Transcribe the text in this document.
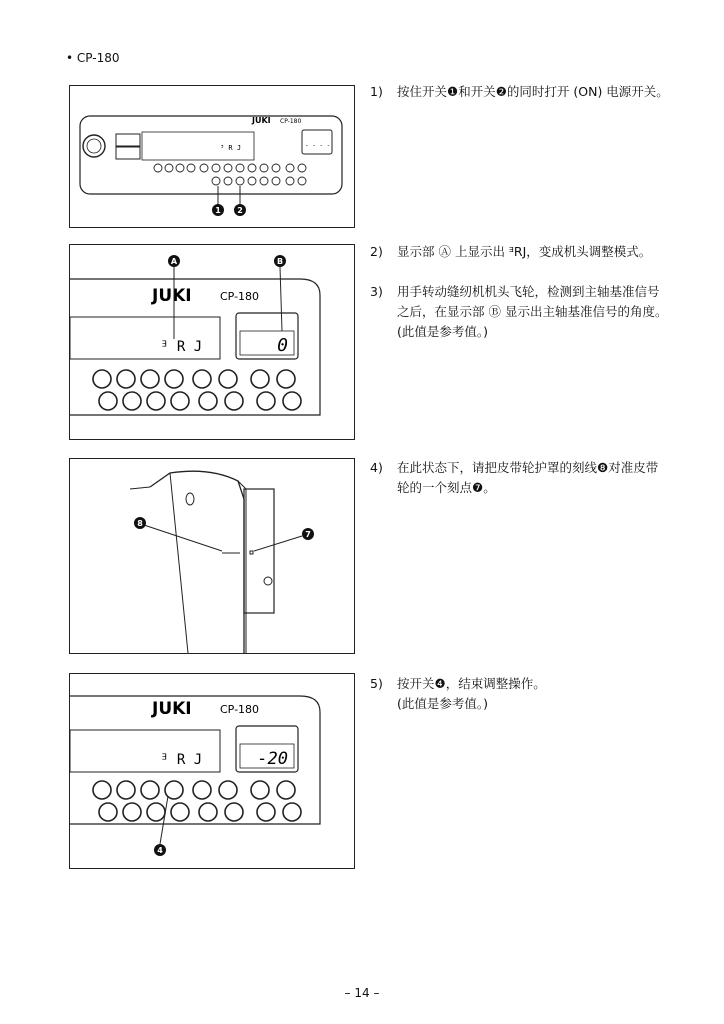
• CP-180
JUKI CP-180
ᴲ R J	- - - -
1 2
JUKI	CP-180
ᴲ R J	0
A	B
8
7
JUKI	CP-180
ᴲ R J	-20
4
1)	按住开关❶和开关❷的同时打开 (ON) 电源开关。
2)	显示部 Ⓐ 上显示出 ᴲRJ，变成机头调整模式。
3)	用手转动缝纫机机头飞轮，检测到主轴基准信号之后，在显示部 Ⓑ 显示出主轴基准信号的角度。(此值是参考值。)
4)	在此状态下，请把皮带轮护罩的刻线❽对准皮带轮的一个刻点❼。
5)	按开关❹，结束调整操作。
(此值是参考值。)
– 14 –
